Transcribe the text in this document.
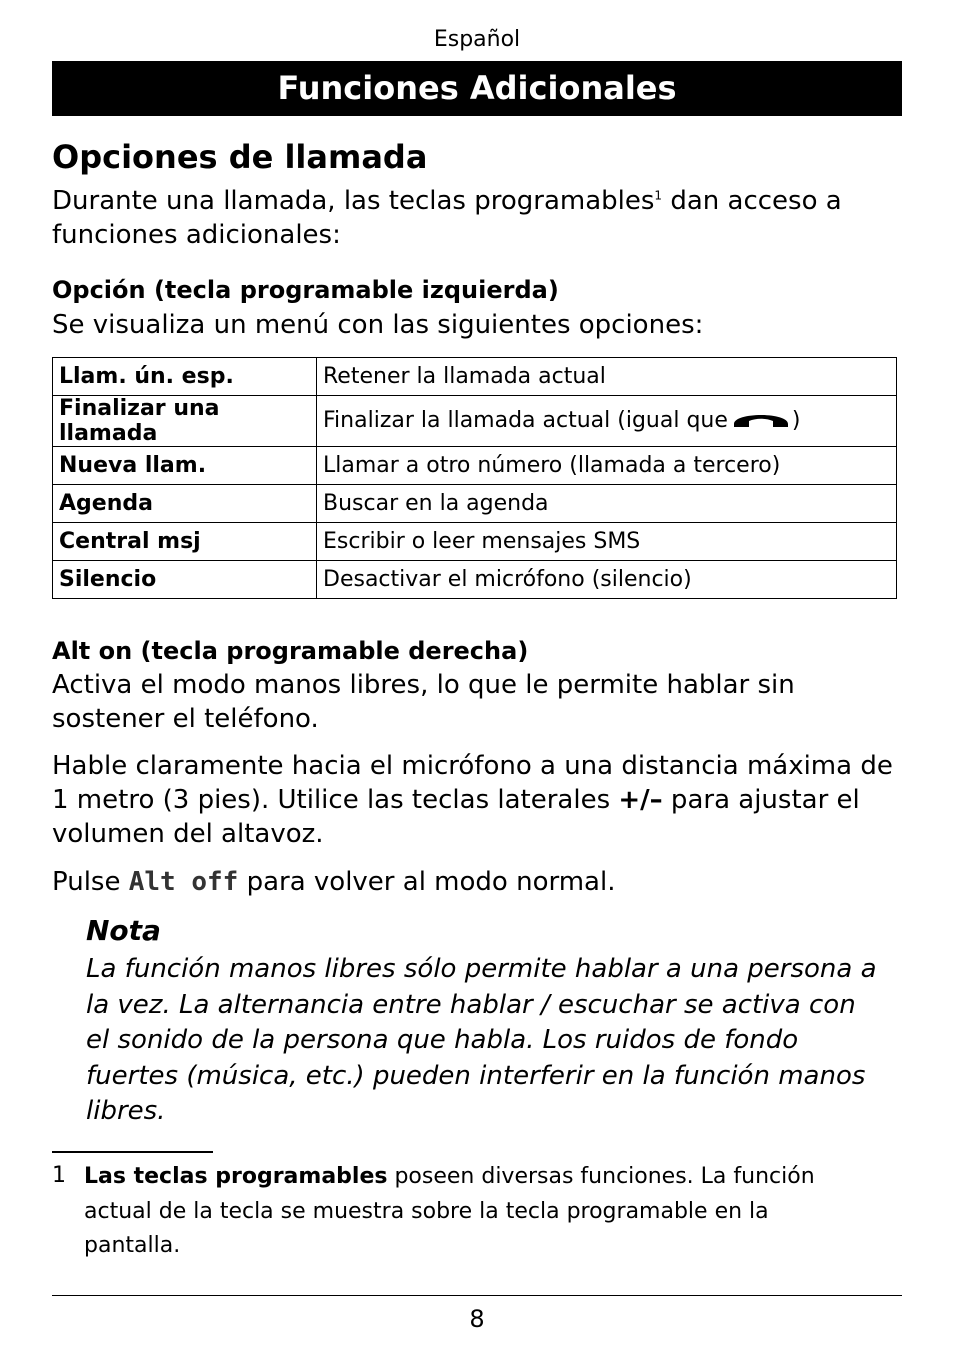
Español
Funciones Adicionales
Opciones de llamada
Durante una llamada, las teclas programables$^1$ dan acceso a funciones adicionales:
Opción (tecla programable izquierda)
Se visualiza un menú con las siguientes opciones:
Llam. ún. esp.	Retener la llamada actual
Finalizar una llamada	Finalizar la llamada actual (igual que )
Nueva llam.	Llamar a otro número (llamada a tercero)
Agenda	Buscar en la agenda
Central msj	Escribir o leer mensajes SMS
Silencio	Desactivar el micrófono (silencio)
Alt on (tecla programable derecha)
Activa el modo manos libres, lo que le permite hablar sin sostener el teléfono.
Hable claramente hacia el micrófono a una distancia máxima de 1 metro (3 pies). Utilice las teclas laterales +/– para ajustar el volumen del altavoz.
Pulse Alt off para volver al modo normal.
Nota
La función manos libres sólo permite hablar a una persona a la vez. La alternancia entre hablar / escuchar se activa con el sonido de la persona que habla. Los ruidos de fondo fuertes (música, etc.) pueden interferir en la función manos libres.
1 Las teclas programables poseen diversas funciones. La función actual de la tecla se muestra sobre la tecla programable en la pantalla.
8
